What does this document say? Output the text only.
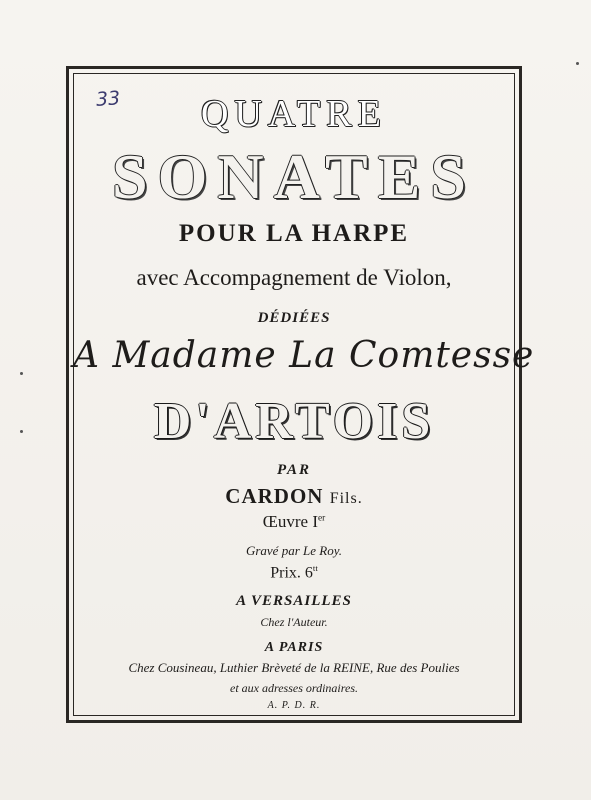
33	QUATRE
SONATES
POUR LA HARPE
avec Accompagnement de Violon,
DÉDIÉES
A Madame La Comtesse
D'ARTOIS
PAR
CARDON Fils.
Œuvre Ier
Gravé par Le Roy.
Prix. $6^{tt}$
A VERSAILLES
Chez l'Auteur.
A PARIS
Chez Cousineau, Luthier Brèveté de la REINE, Rue des Poulies
et aux adresses ordinaires.
A. P. D. R.
